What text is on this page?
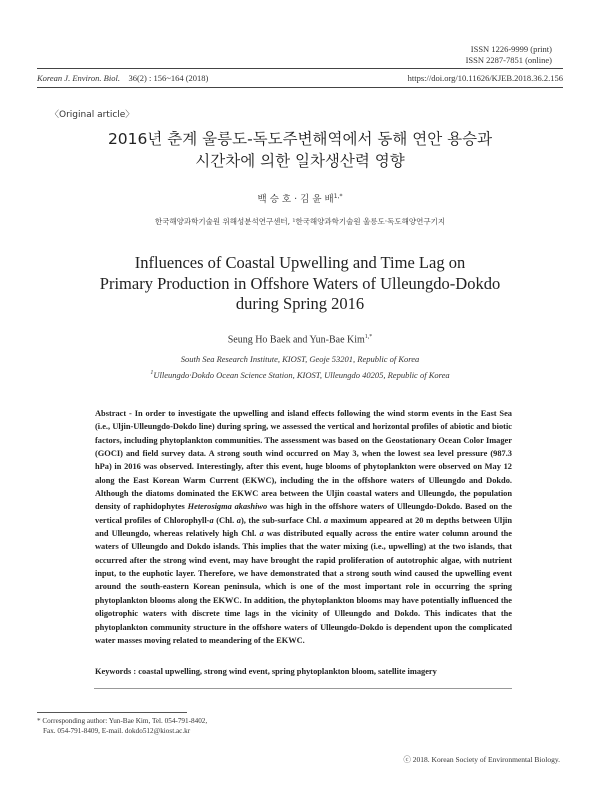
ISSN 1226-9999 (print)
ISSN 2287-7851 (online)
Korean J. Environ. Biol. 36(2) : 156~164 (2018)	https://doi.org/10.11626/KJEB.2018.36.2.156
〈Original article〉
2016년 춘계 울릉도-독도주변해역에서 동해 연안 용승과
시간차에 의한 일차생산력 영향
백 승 호 · 김 윤 배$^{1,*}$
한국해양과학기술원 위해성분석연구센터, ¹한국해양과학기술원 울릉도·독도해양연구기지
Influences of Coastal Upwelling and Time Lag on
Primary Production in Offshore Waters of Ulleungdo-Dokdo
during Spring 2016
Seung Ho Baek and Yun-Bae Kim$^{1,*}$
South Sea Research Institute, KIOST, Geoje 53201, Republic of Korea
$^1$Ulleungdo·Dokdo Ocean Science Station, KIOST, Ulleungdo 40205, Republic of Korea
Abstract - In order to investigate the upwelling and island effects following the wind storm events in the East Sea (i.e., Uljin-Ulleungdo-Dokdo line) during spring, we assessed the vertical and horizontal profiles of abiotic and biotic factors, including phytoplankton communities. The assessment was based on the Geostationary Ocean Color Imager (GOCI) and field survey data. A strong south wind occurred on May 3, when the lowest sea level pressure (987.3 hPa) in 2016 was observed. Interestingly, after this event, huge blooms of phytoplankton were observed on May 12 along the East Korean Warm Current (EKWC), including the in the offshore waters of Ulleungdo and Dokdo. Although the diatoms dominated the EKWC area between the Uljin coastal waters and Ulleungdo, the population density of raphidophytes Heterosigma akashiwo was high in the offshore waters of Ulleungdo-Dokdo. Based on the vertical profiles of Chlorophyll-a (Chl. a), the sub-surface Chl. a maximum appeared at 20 m depths between Uljin and Ulleungdo, whereas relatively high Chl. a was distributed equally across the entire water column around the waters of Ulleungdo and Dokdo islands. This implies that the water mixing (i.e., upwelling) at the two islands, that occurred after the strong wind event, may have brought the rapid proliferation of autotrophic algae, with nutrient input, to the euphotic layer. Therefore, we have demonstrated that a strong south wind caused the upwelling event around the south-eastern Korean peninsula, which is one of the most important role in occurring the spring phytoplankton blooms along the EKWC. In addition, the phytoplankton blooms may have potentially influenced the oligotrophic waters with discrete time lags in the vicinity of Ulleungdo and Dokdo. This indicates that the phytoplankton community structure in the offshore waters of Ulleungdo-Dokdo is dependent upon the complicated water masses moving related to meandering of the EKWC.
Keywords : coastal upwelling, strong wind event, spring phytoplankton bloom, satellite imagery
* Corresponding author: Yun-Bae Kim, Tel. 054-791-8402,
Fax. 054-791-8409, E-mail. dokdo512@kiost.ac.kr
ⓒ 2018. Korean Society of Environmental Biology.
